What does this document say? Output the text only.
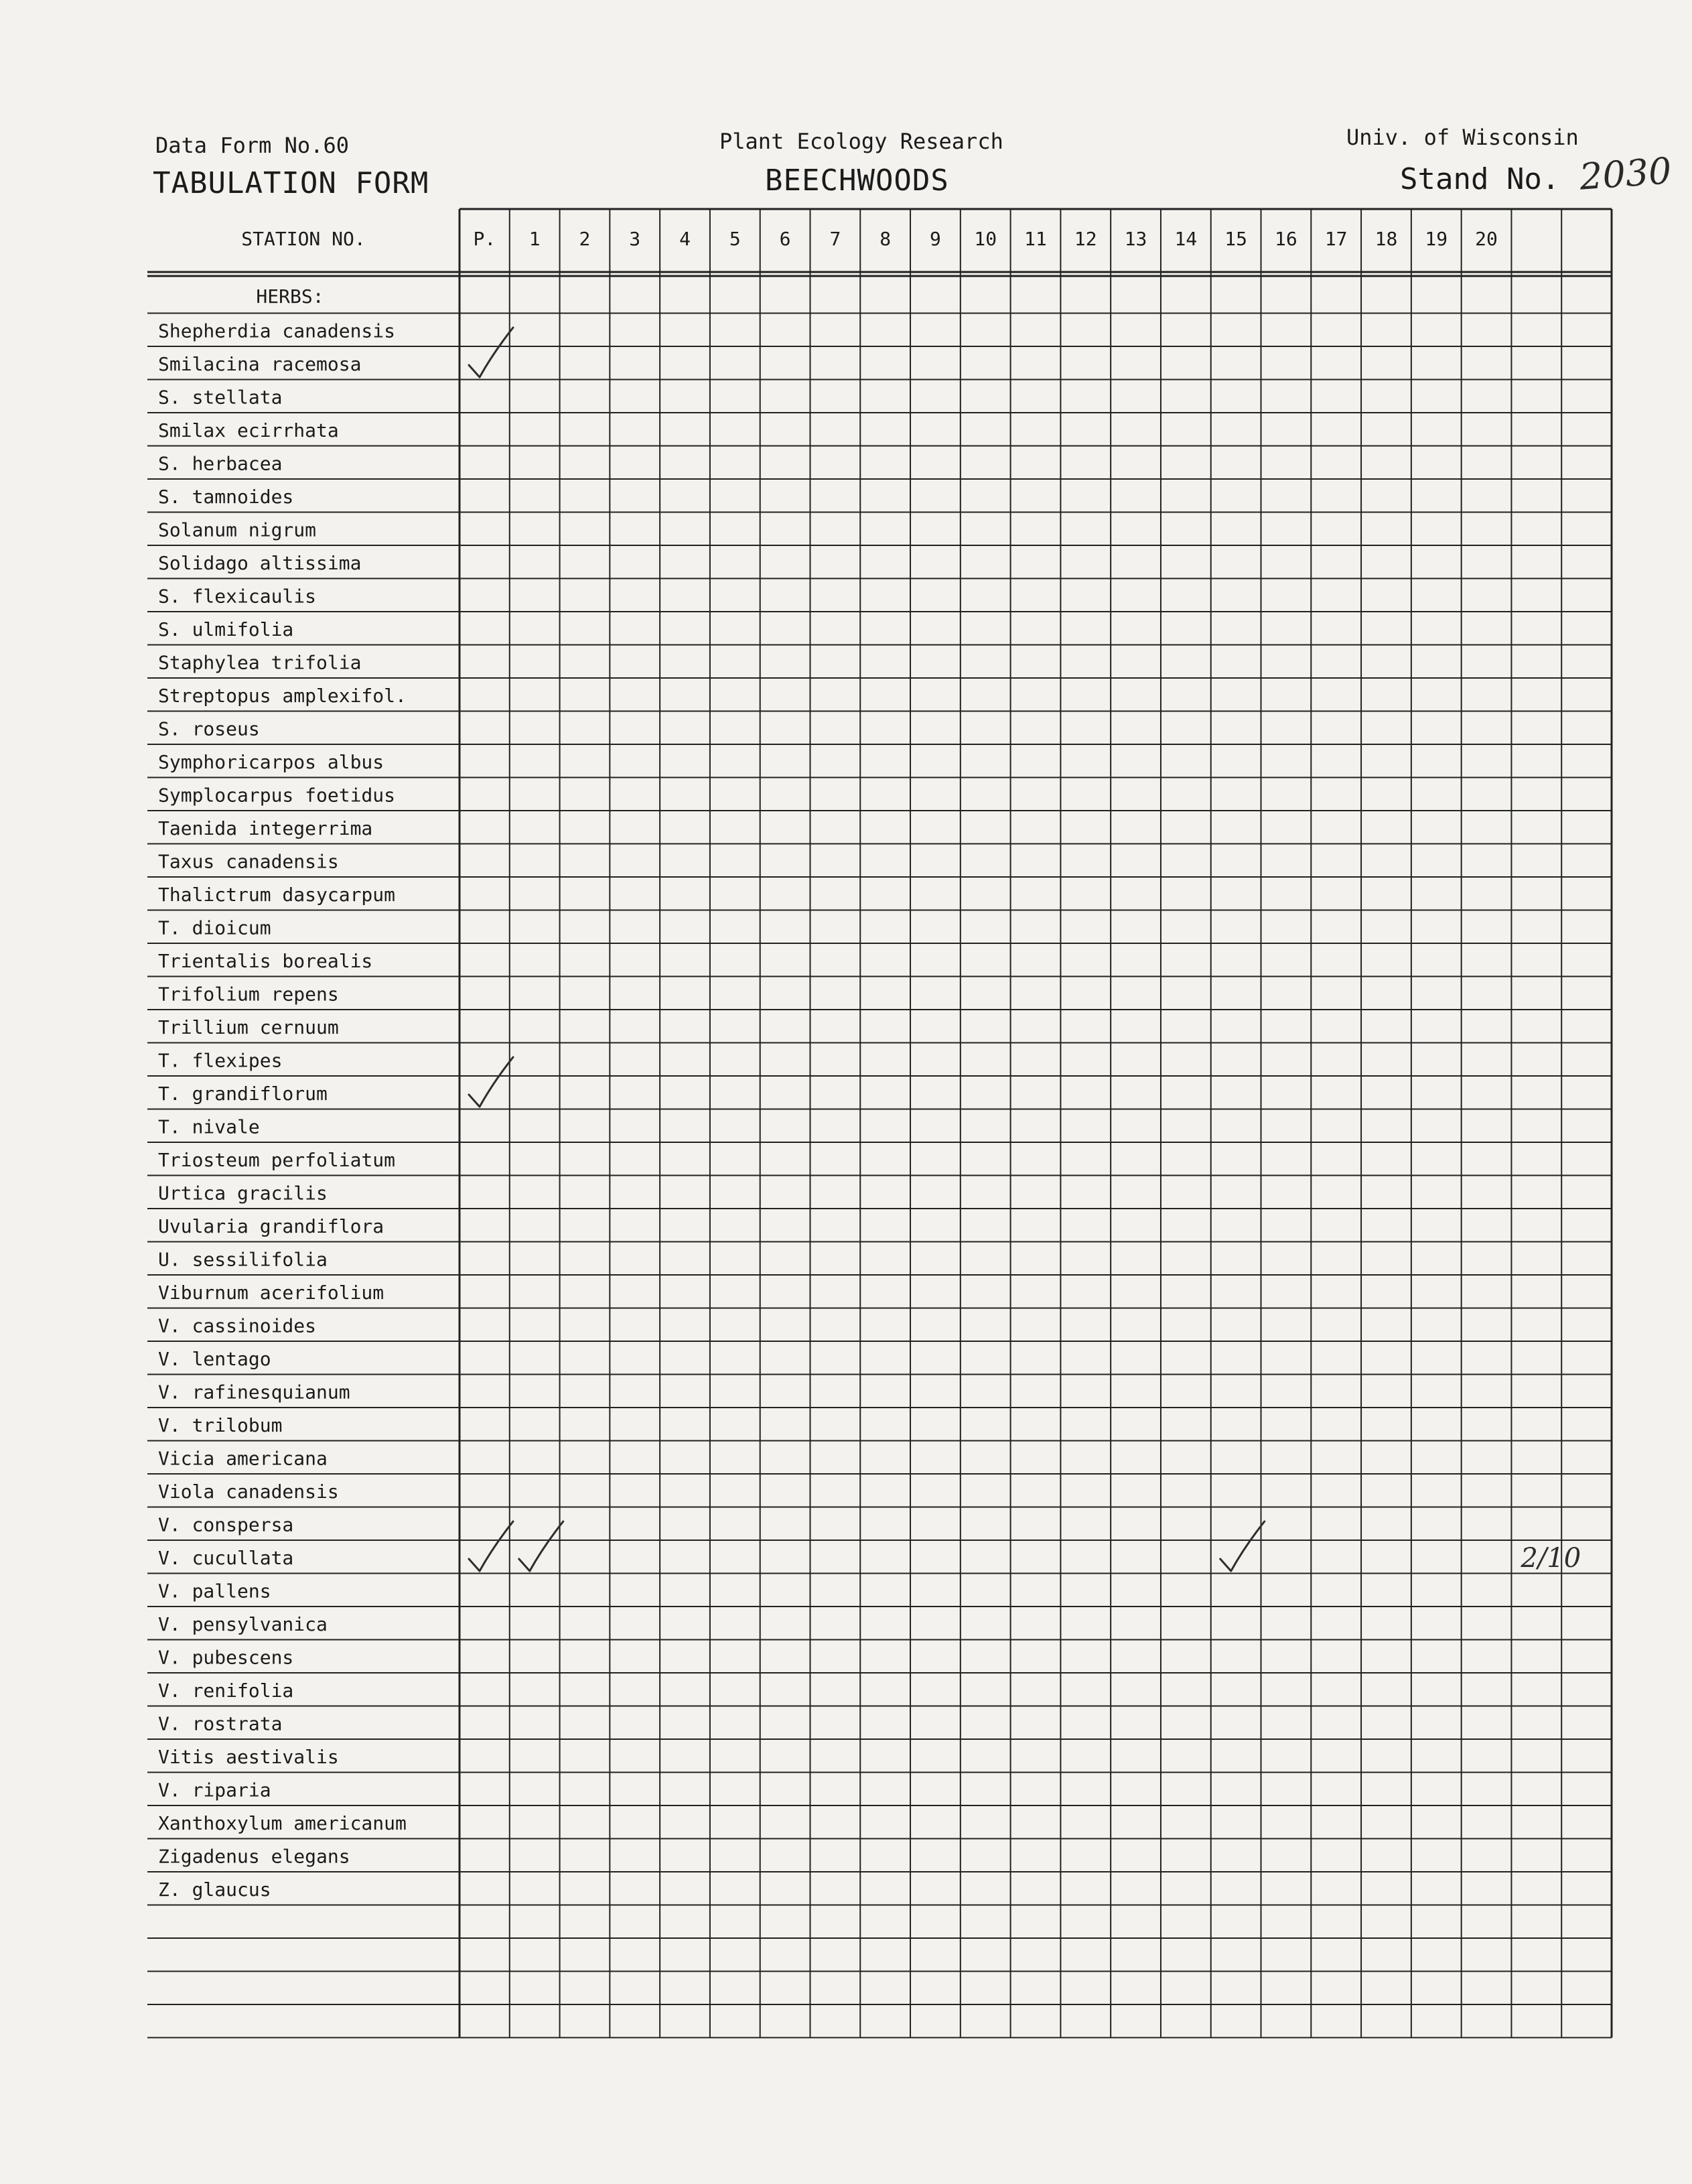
Data Form No.60
TABULATION FORM
Plant Ecology Research
BEECHWOODS
Univ. of Wisconsin
Stand No. 2030
STATION NO.	P. 1 2 3 4 5 6 7 8 9 10 11 12 13 14 15 16 17 18 19 20
HERBS:
Shepherdia canadensis
Smilacina racemosa
S. stellata
Smilax ecirrhata
S. herbacea
S. tamnoides
Solanum nigrum
Solidago altissima
S. flexicaulis
S. ulmifolia
Staphylea trifolia
Streptopus amplexifol.
S. roseus
Symphoricarpos albus
Symplocarpus foetidus
Taenida integerrima
Taxus canadensis
Thalictrum dasycarpum
T. dioicum
Trientalis borealis
Trifolium repens
Trillium cernuum
T. flexipes
T. grandiflorum
T. nivale
Triosteum perfoliatum
Urtica gracilis
Uvularia grandiflora
U. sessilifolia
Viburnum acerifolium
V. cassinoides
V. lentago
V. rafinesquianum
V. trilobum
Vicia americana
Viola canadensis
V. conspersa
V. cucullata
V. pallens
V. pensylvanica
V. pubescens
V. renifolia
V. rostrata
Vitis aestivalis
V. riparia
Xanthoxylum americanum
Zigadenus elegans
Z. glaucus
2/10
